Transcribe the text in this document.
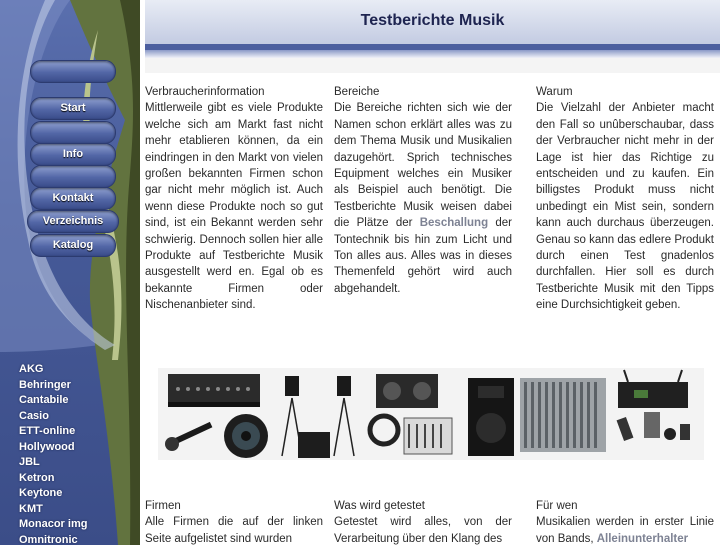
Start
Info
Kontakt
Verzeichnis
Katalog
AKG
Behringer
Cantabile
Casio
ETT-online
Hollywood
JBL
Ketron
Keytone
KMT
Monacor img
Omnitronic
Testberichte Musik
Verbraucherinformation
Mittlerweile gibt es viele Produkte welche sich am Markt fast nicht mehr etablieren können, da ein eindringen in den Markt von vielen großen bekannten Firmen schon gar nicht mehr möglich ist. Auch wenn diese Produkte noch so gut sind, ist ein Bekannt werden sehr schwierig. Dennoch sollen hier alle Produkte auf Testberichte Musik ausgestellt werd en. Egal ob es bekannte Firmen oder Nischenanbieter sind.
Bereiche
Die Bereiche richten sich wie der Namen schon erklärt alles was zu dem Thema Musik und Musikalien dazugehört. Sprich technisches Equipment welches ein Musiker als Beispiel auch benötigt. Die Testberichte Musik weisen dabei die Plätze der Beschallung der Tontechnik bis hin zum Licht und Ton alles aus. Alles was in dieses Themenfeld gehört wird auch abgehandelt.
Warum
Die Vielzahl der Anbieter macht den Fall so unûberschaubar, dass der Verbraucher nicht mehr in der Lage ist hier das Richtige zu entscheiden und zu kaufen. Ein billigstes Produkt muss nicht unbedingt ein Mist sein, sondern kann auch durchaus überzeugen. Genau so kann das edlere Produkt durch einen Test gnadenlos durchfallen. Hier soll es durch Testberichte Musik mit den Tipps eine Durchsichtigkeit geben.
Firmen
Alle Firmen die auf der linken Seite aufgelistet sind wurden
Was wird getestet
Getestet wird alles, von der Verarbeitung über den Klang des
Für wen
Musikalien werden in erster Linie von Bands, Alleinunterhalter
